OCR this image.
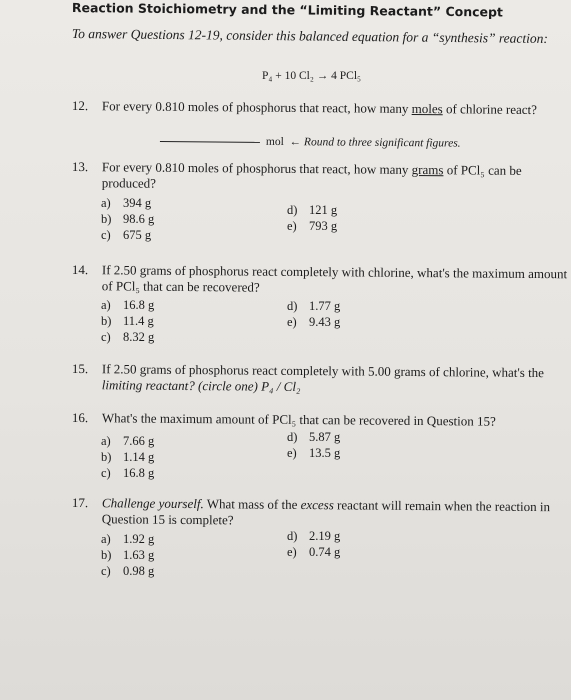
Reaction Stoichiometry and the “Limiting Reactant” Concept
To answer Questions 12-19, consider this balanced equation for a “synthesis” reaction:
P₄ + 10 Cl₂ → 4 PCl₅
12. For every 0.810 moles of phosphorus that react, how many moles of chlorine react?
mol ← Round to three significant figures.
13. For every 0.810 moles of phosphorus that react, how many grams of PCl₅ can be produced?
a) 394 g
b) 98.6 g
c) 675 g
d) 121 g
e) 793 g
14. If 2.50 grams of phosphorus react completely with chlorine, what's the maximum amount of PCl₅ that can be recovered?
a) 16.8 g
b) 11.4 g
c) 8.32 g
d) 1.77 g
e) 9.43 g
15. If 2.50 grams of phosphorus react completely with 5.00 grams of chlorine, what's the limiting reactant? (circle one) P₄ / Cl₂
16. What's the maximum amount of PCl₅ that can be recovered in Question 15?
a) 7.66 g
b) 1.14 g
c) 16.8 g
d) 5.87 g
e) 13.5 g
17. Challenge yourself. What mass of the excess reactant will remain when the reaction in Question 15 is complete?
a) 1.92 g
b) 1.63 g
c) 0.98 g
d) 2.19 g
e) 0.74 g
